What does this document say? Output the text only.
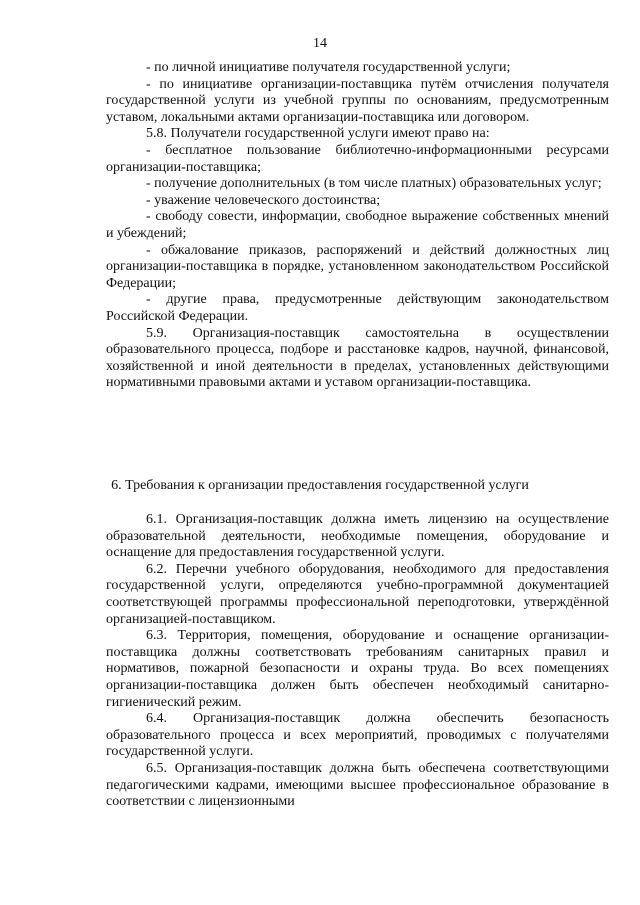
14

- по личной инициативе получателя государственной услуги;

- по инициативе организации-поставщика путём отчисления получателя государственной услуги из учебной группы по основаниям, предусмотренным уставом, локальными актами организации-поставщика или договором.

5.8. Получатели государственной услуги имеют право на:

- бесплатное пользование библиотечно-информационными ресурсами организации-поставщика;

- получение дополнительных (в том числе платных) образовательных услуг;

- уважение человеческого достоинства;

- свободу совести, информации, свободное выражение собственных мнений и убеждений;

- обжалование приказов, распоряжений и действий должностных лиц организации-поставщика в порядке, установленном законодательством Российской Федерации;

- другие права, предусмотренные действующим законодательством Российской Федерации.

5.9. Организация-поставщик самостоятельна в осуществлении образовательного процесса, подборе и расстановке кадров, научной, финансовой, хозяйственной и иной деятельности в пределах, установленных действующими нормативными правовыми актами и уставом организации-поставщика.

6. Требования к организации предоставления государственной услуги

6.1. Организация-поставщик должна иметь лицензию на осуществление образовательной деятельности, необходимые помещения, оборудование и оснащение для предоставления государственной услуги.

6.2. Перечни учебного оборудования, необходимого для предоставления государственной услуги, определяются учебно-программной документацией соответствующей программы профессиональной переподготовки, утверждённой организацией-поставщиком.

6.3. Территория, помещения, оборудование и оснащение организации-поставщика должны соответствовать требованиям санитарных правил и нормативов, пожарной безопасности и охраны труда. Во всех помещениях организации-поставщика должен быть обеспечен необходимый санитарно-гигиенический режим.

6.4. Организация-поставщик должна обеспечить безопасность образовательного процесса и всех мероприятий, проводимых с получателями государственной услуги.

6.5. Организация-поставщик должна быть обеспечена соответствующими педагогическими кадрами, имеющими высшее профессиональное образование в соответствии с лицензионными
